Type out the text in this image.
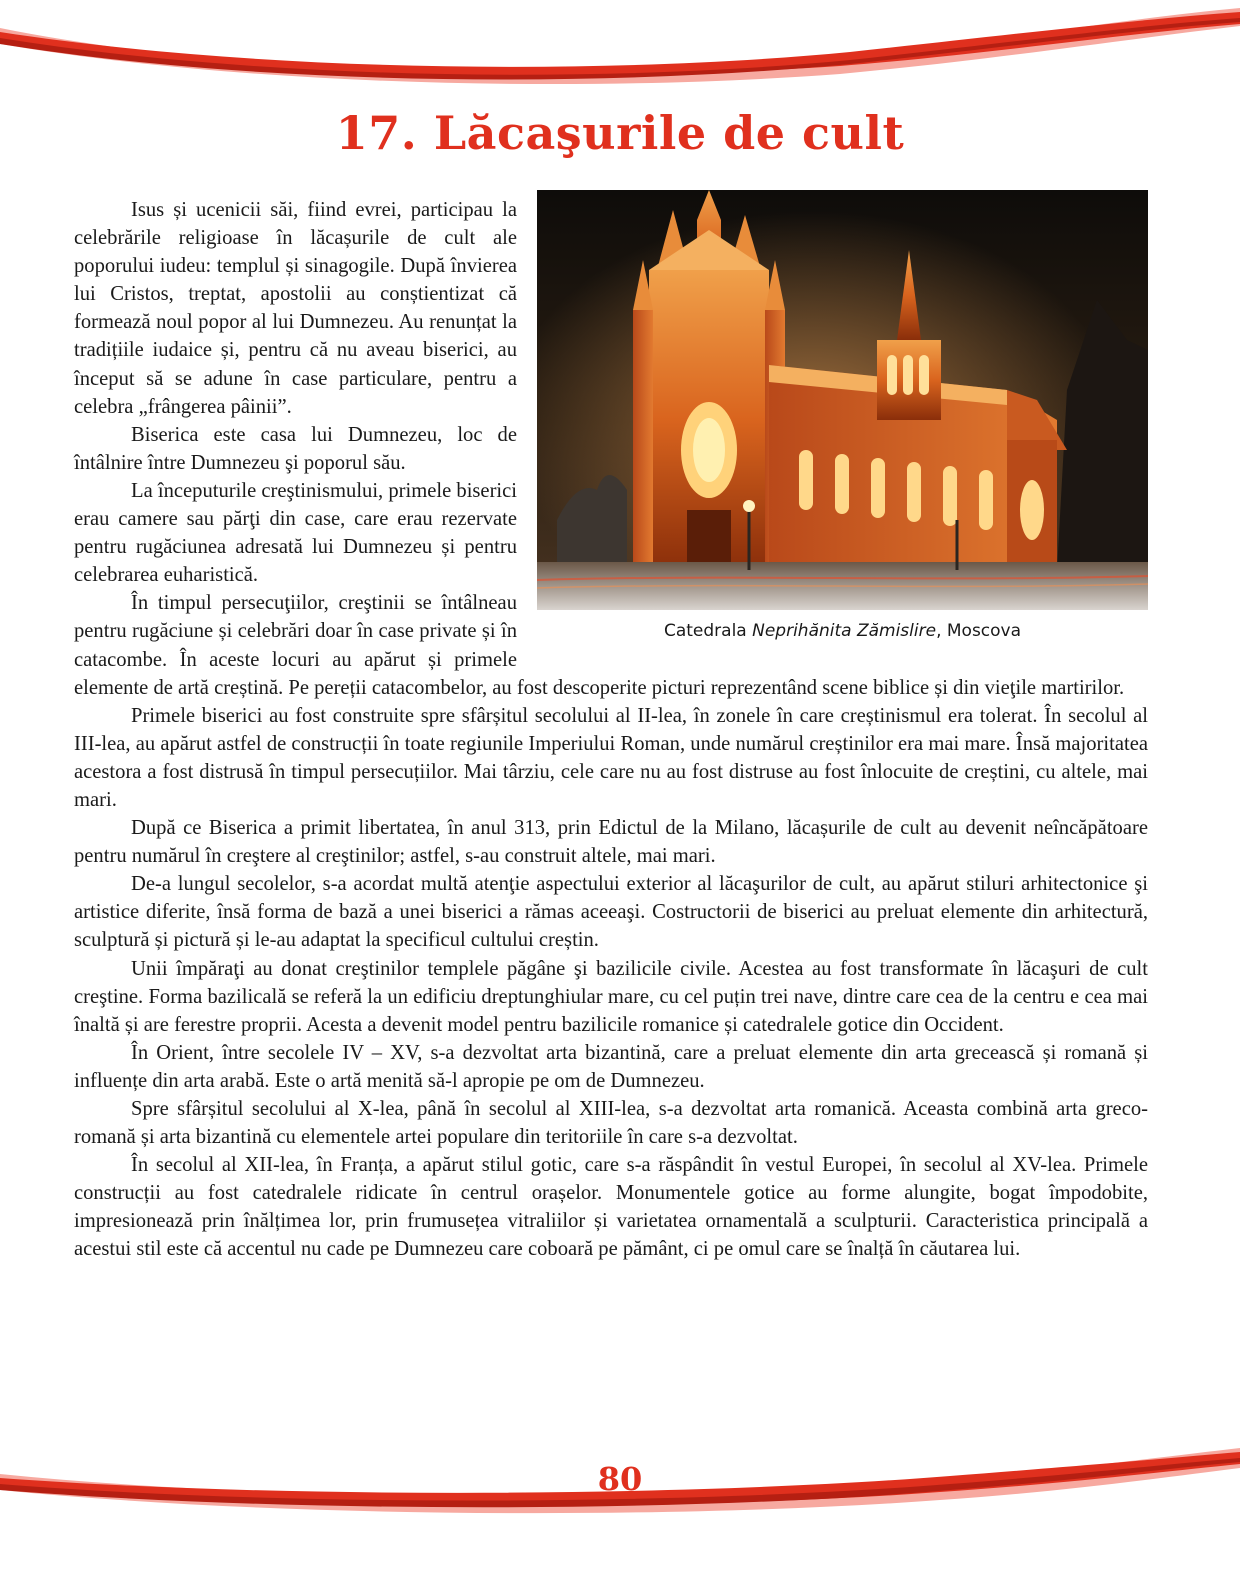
17. Lăcaşurile de cult
Catedrala Neprihănita Zămislire, Moscova

Isus și ucenicii săi, fiind evrei, participau la celebrările religioase în lăcașurile de cult ale poporului iudeu: templul și sinagogile. După învierea lui Cristos, treptat, apostolii au conștientizat că formează noul popor al lui Dumnezeu. Au renunțat la tradițiile iudaice și, pentru că nu aveau biserici, au început să se adune în case particulare, pentru a celebra „frângerea pâinii”.

Biserica este casa lui Dumnezeu, loc de întâlnire între Dumnezeu şi poporul său.

La începuturile creştinismului, primele biserici erau camere sau părţi din case, care erau rezervate pentru rugăciunea adresată lui Dumnezeu și pentru celebrarea euharistică.

În timpul persecuţiilor, creştinii se întâlneau pentru rugăciune și celebrări doar în case private și în catacombe. În aceste locuri au apărut și primele elemente de artă creștină. Pe pereții catacombelor, au fost descoperite picturi reprezentând scene biblice și din vieţile martirilor.

Primele biserici au fost construite spre sfârșitul secolului al II-lea, în zonele în care creștinismul era tolerat. În secolul al III-lea, au apărut astfel de construcții în toate regiunile Imperiului Roman, unde numărul creștinilor era mai mare. Însă majoritatea acestora a fost distrusă în timpul persecuțiilor. Mai târziu, cele care nu au fost distruse au fost înlocuite de creștini, cu altele, mai mari.

După ce Biserica a primit libertatea, în anul 313, prin Edictul de la Milano, lăcașurile de cult au devenit neîncăpătoare pentru numărul în creştere al creştinilor; astfel, s-au construit altele, mai mari.

De-a lungul secolelor, s-a acordat multă atenţie aspectului exterior al lăcaşurilor de cult, au apărut stiluri arhitectonice şi artistice diferite, însă forma de bază a unei biserici a rămas aceeaşi. Costructorii de biserici au preluat elemente din arhitectură, sculptură și pictură și le-au adaptat la specificul cultului creștin.

Unii împăraţi au donat creştinilor templele păgâne şi bazilicile civile. Acestea au fost transformate în lăcaşuri de cult creştine. Forma bazilicală se referă la un edificiu dreptunghiular mare, cu cel puțin trei nave, dintre care cea de la centru e cea mai înaltă și are ferestre proprii. Acesta a devenit model pentru bazilicile romanice și catedralele gotice din Occident.

În Orient, între secolele IV – XV, s-a dezvoltat arta bizantină, care a preluat elemente din arta grecească și romană și influențe din arta arabă. Este o artă menită să-l apropie pe om de Dumnezeu.

Spre sfârșitul secolului al X-lea, până în secolul al XIII-lea, s-a dezvoltat arta romanică. Aceasta combină arta greco-romană și arta bizantină cu elementele artei populare din teritoriile în care s-a dezvoltat.

În secolul al XII-lea, în Franța, a apărut stilul gotic, care s-a răspândit în vestul Europei, în secolul al XV-lea. Primele construcții au fost catedralele ridicate în centrul orașelor. Monumentele gotice au forme alungite, bogat împodobite, impresionează prin înălțimea lor, prin frumusețea vitraliilor și varietatea ornamentală a sculpturii. Caracteristica principală a acestui stil este că accentul nu cade pe Dumnezeu care coboară pe pământ, ci pe omul care se înalță în căutarea lui.

80
